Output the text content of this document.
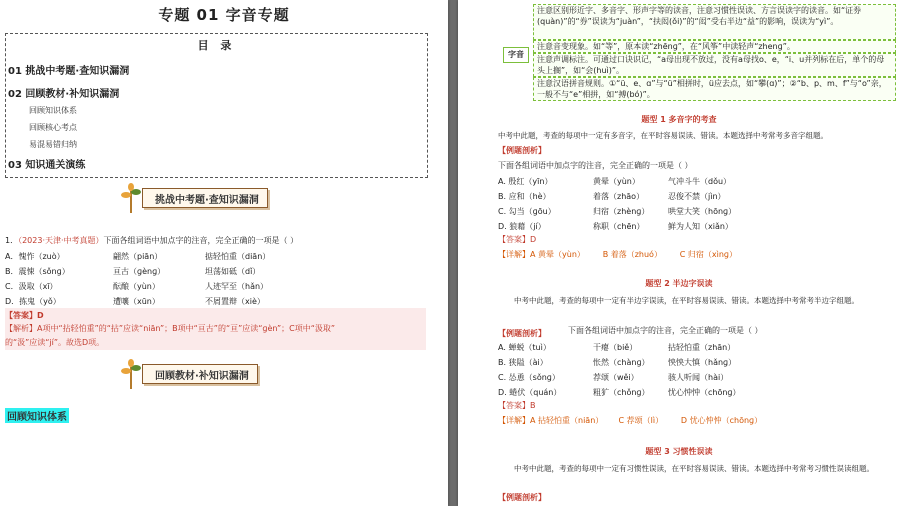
专题 01 字音专题
目 录
01 挑战中考题·查知识漏洞
02 回顾教材·补知识漏洞
回顾知识体系
回顾核心考点
易混易错归纳
03 知识通关演练
挑战中考题·查知识漏洞
1．（2023·天津·中考真题）下面各组词语中加点字的注音，完全正确的一项是（ ）
A．愧怍（zuò）	翩然（piān）	掂轻怕重（diān）
B．震悚（sǒnɡ）	亘古（ɡènɡ）	坦荡如砥（dǐ）
C．汲取（xī）	酝酿（yùn）	人迹罕至（hǎn）
D．拣鬼（yǒ）	遭嚷（xūn）	不屑置辩（xiè）
【答案】D
【解析】A项中“拈轻怕重”的“拈”应读“niān”；B项中“亘古”的“亘”应读“ɡèn”；C项中“汲取”
的“汲”应读“jí”。故选D项。
回顾教材·补知识漏洞
回顾知识体系
字音
注意区别形近字、多音字、形声字等的读音，注意习惯性误读、方言误读字的读音。如“证券(quàn)”的“券”误读为“juàn”，“扶闳(ǒi)”的“闳”受右半边“益”的影响，误读为“yì”。
注意音变现象。如“等”，原本读“zhēnɡ”，在“风筝”中读轻声“zhenɡ”。
注意声调标注。可通过口诀识记，“a母出现不放过，没有a母找o、e，“i、u并列标在后，单个的母头上搁”，如“会(huì)”。
注意汉语拼音规则。①“ü、e、ɑ”与“ü”相拼时，ü应去点，如“攀(ɑ)”；②“b、p、m、f”与“o”亲，一般不与“e”相拼，如“搏(bó)”。
题型 1 多音字的考查
中考中此题，考查的每项中一定有多音字，在平时容易误读、错读。本题选择中考常考多音字组题。
【例题剖析】
下面各组词语中加点字的注音，完全正确的一项是（ ）
A. 殷红（yīn）	黄晕（yùn）	气冲斗牛（dǒu）
B. 应和（hè）	着落（zhāo）	忍俊不禁（jìn）
C. 勾当（ɡōu）	归宿（zhènɡ） 哄堂大笑（hōnɡ）
D. 狼藉（jí）	称职（chēn）	鲜为人知（xiǎn）
【答案】D
【详解】A 黄晕（yùn）       B 着落（zhuó）       C 归宿（xìnɡ）
题型 2 半边字误读
中考中此题，考查的每项中一定有半边字误读，在平时容易误读、错读。本题选择中考常考半边字组题。
【例题剖析】	下面各组词语中加点字的注音，完全正确的一项是（ ）
A. 蝉蜕（tuì）	干瘪（biě）	拈轻怕重（zhān）
B. 狭隘（ài）	怅然（chànɡ） 怏怏大慎（hǎnɡ）
C. 怂恿（sǒnɡ）	荐颂（wěi）	骇人听闻（hài）
D. 蜷伏（quán）	粗犷（chǒnɡ） 忧心忡忡（chōnɡ）
【答案】B
【详解】A 拈轻怕重（niān）      C 荐颂（lì）       D 忧心忡忡（chōnɡ）
题型 3 习惯性误读
中考中此题，考查的每项中一定有习惯性误读，在平时容易误读、错读。本题选择中考常考习惯性误读组题。
【例题剖析】
